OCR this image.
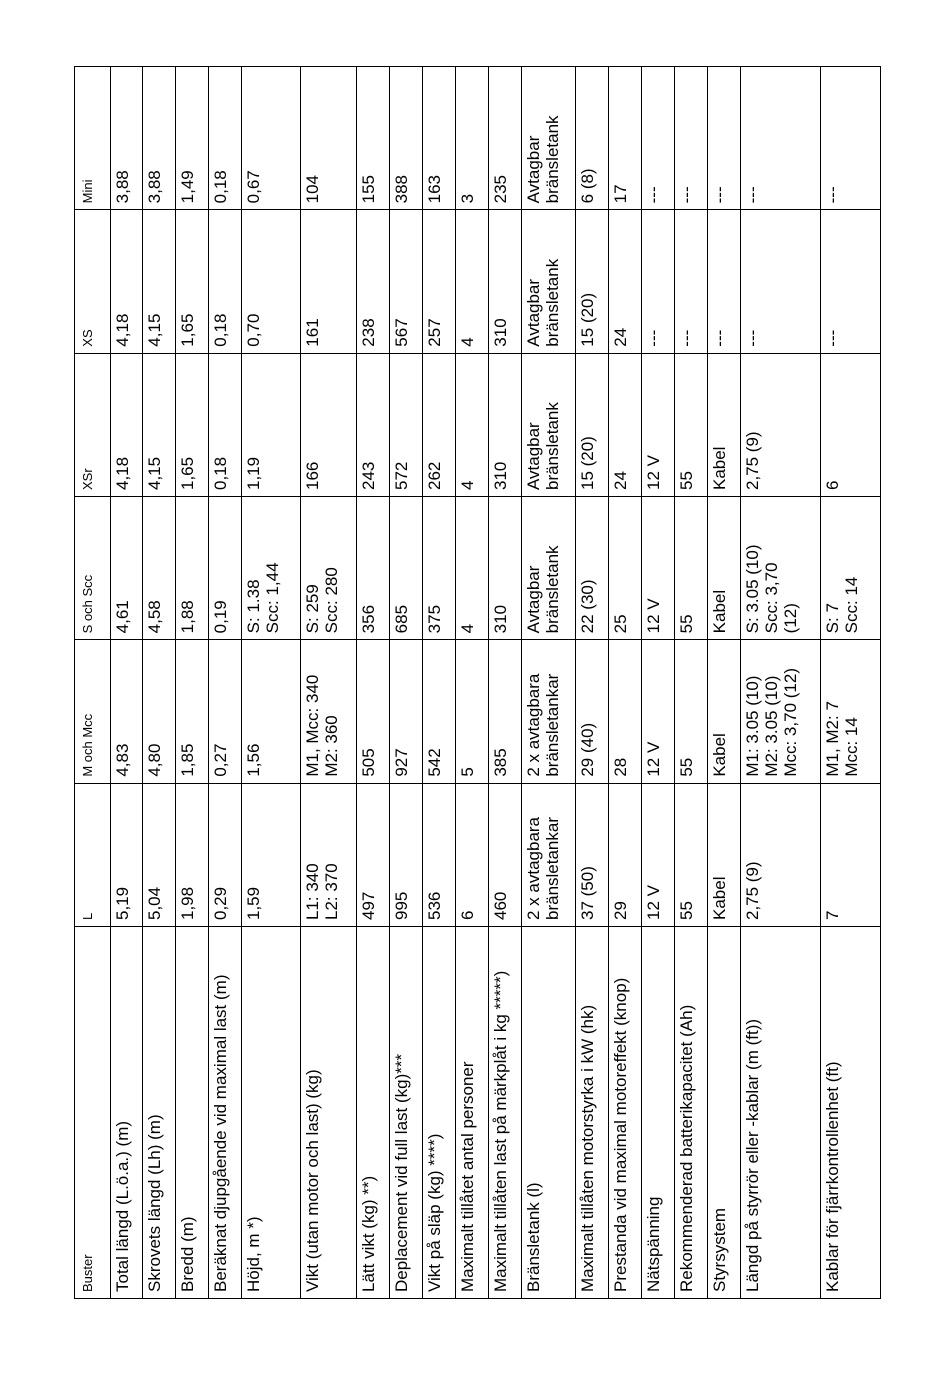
Buster	L	M och Mcc	S och Scc	XSr	XS	Mini
Total längd (L.ö.a.) (m)	5,19	4,83	4,61	4,18	4,18	3,88

Skrovets längd (Lh) (m)	5,04	4,80	4,58	4,15	4,15	3,88

Bredd (m)	1,98	1,85	1,88	1,65	1,65	1,49

Beräknat djupgående vid maximal last (m)	0,29	0,27	0,19	0,18	0,18	0,18

Höjd, m *)	1,59	1,56	S: 1.38 Scc: 1,44	1,19	0,70	0,67

Vikt (utan motor och last) (kg)	L1: 340 L2: 370	M1, Mcc: 340 M2: 360	S: 259 Scc: 280	166	161	104

Lätt vikt (kg) **)	497	505	356	243	238	155

Deplacement vid full last (kg)***	995	927	685	572	567	388

Vikt på släp (kg) ****)	536	542	375	262	257	163

Maximalt tillåtet antal personer	6	5	4	4	4	3

Maximalt tillåten last på märkplåt i kg *****)	460	385	310	310	310	235

Bränsletank (l)	2 x avtagbara bränsletankar	2 x avtagbara bränsletankar	Avtagbar bränsletank	Avtagbar bränsletank	Avtagbar bränsletank	Avtagbar bränsletank

Maximalt tillåten motorstyrka i kW (hk)	37 (50)	29 (40)	22 (30)	15 (20)	15 (20)	6 (8)

Prestanda vid maximal motoreffekt (knop)	29	28	25	24	24	17

Nätspänning	12 V	12 V	12 V	12 V	---	---

Rekommenderad batterikapacitet (Ah)	55	55	55	55	---	---

Styrsystem	Kabel	Kabel	Kabel	Kabel	---	---

Längd på styrrör eller -kablar (m (ft))	2,75 (9)	M1: 3.05 (10) M2: 3.05 (10) Mcc: 3,70 (12)	S: 3.05 (10) Scc: 3,70 (12)	2,75 (9)	---	---

Kablar för fjärrkontrollenhet (ft)	7	M1, M2: 7 Mcc: 14	S: 7 Scc: 14	6	---	---
